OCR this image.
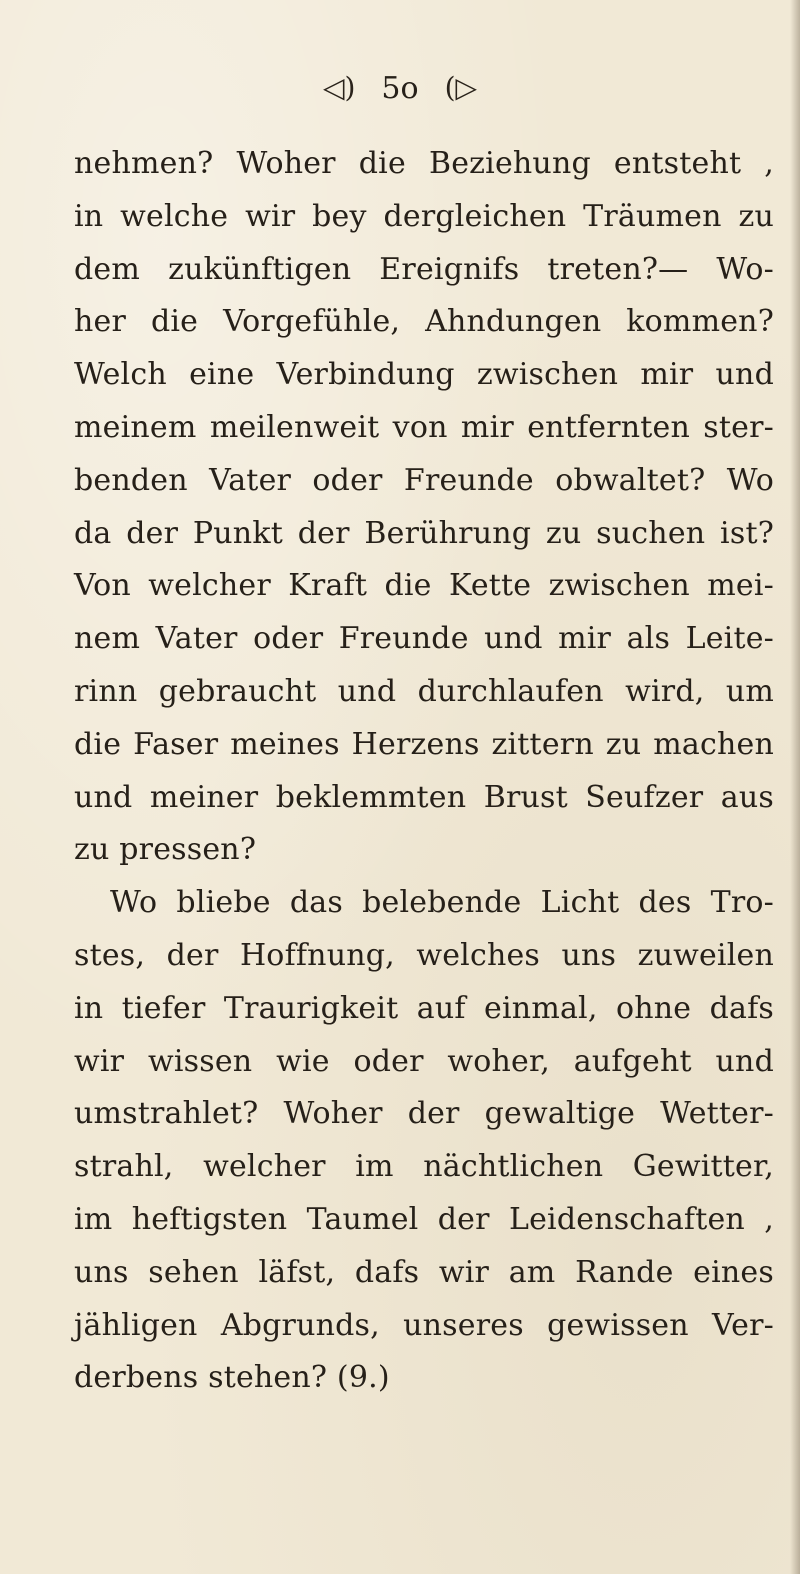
◁) 5o (▷
nehmen? Woher die Beziehung entsteht ,
in welche wir bey dergleichen Träumen zu
dem zukünftigen Ereignifs treten?— Wo-
her die Vorgefühle, Ahndungen kommen?
Welch eine Verbindung zwischen mir und
meinem meilenweit von mir entfernten ster-
benden Vater oder Freunde obwaltet? Wo
da der Punkt der Berührung zu suchen ist?
Von welcher Kraft die Kette zwischen mei-
nem Vater oder Freunde und mir als Leite-
rinn gebraucht und durchlaufen wird, um
die Faser meines Herzens zittern zu machen
und meiner beklemmten Brust Seufzer aus
zu pressen?
Wo bliebe das belebende Licht des Tro-
stes, der Hoffnung, welches uns zuweilen
in tiefer Traurigkeit auf einmal, ohne dafs
wir wissen wie oder woher, aufgeht und
umstrahlet? Woher der gewaltige Wetter-
strahl, welcher im nächtlichen Gewitter,
im heftigsten Taumel der Leidenschaften ,
uns sehen läfst, dafs wir am Rande eines
jähligen Abgrunds, unseres gewissen Ver-
derbens stehen? (9.)
